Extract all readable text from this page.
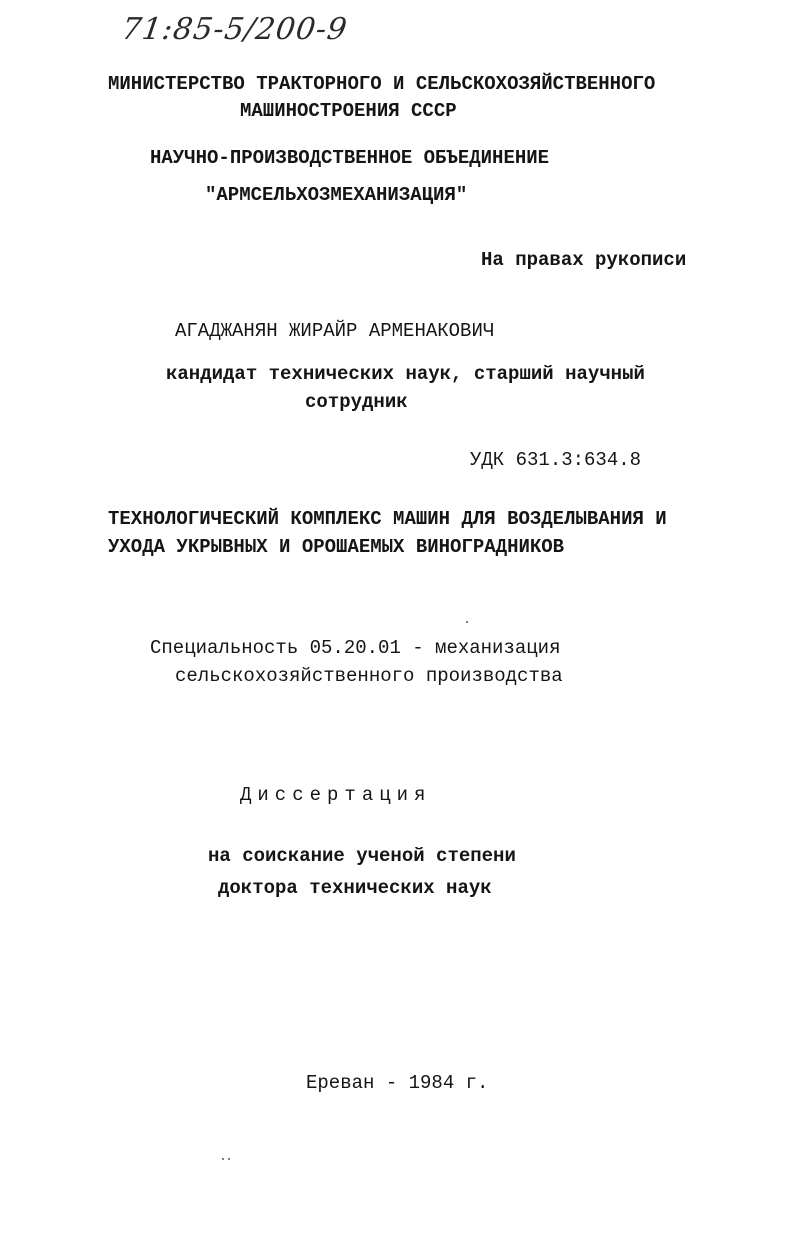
71:85-5/200-9
МИНИСТЕРСТВО ТРАКТОРНОГО И СЕЛЬСКОХОЗЯЙСТВЕННОГО
МАШИНОСТРОЕНИЯ СССР
НАУЧНО-ПРОИЗВОДСТВЕННОЕ ОБЪЕДИНЕНИЕ
"АРМСЕЛЬХОЗМЕХАНИЗАЦИЯ"
На правах рукописи
АГАДЖАНЯН ЖИРАЙР АРМЕНАКОВИЧ
кандидат технических наук, старший научный
сотрудник
УДК 631.3:634.8
ТЕХНОЛОГИЧЕСКИЙ КОМПЛЕКС МАШИН ДЛЯ ВОЗДЕЛЫВАНИЯ И
УХОДА УКРЫВНЫХ И ОРОШАЕМЫХ ВИНОГРАДНИКОВ
Специальность 05.20.01 - механизация
сельскохозяйственного производства
Диссертация
на соискание ученой степени
доктора технических наук
Ереван - 1984 г.
